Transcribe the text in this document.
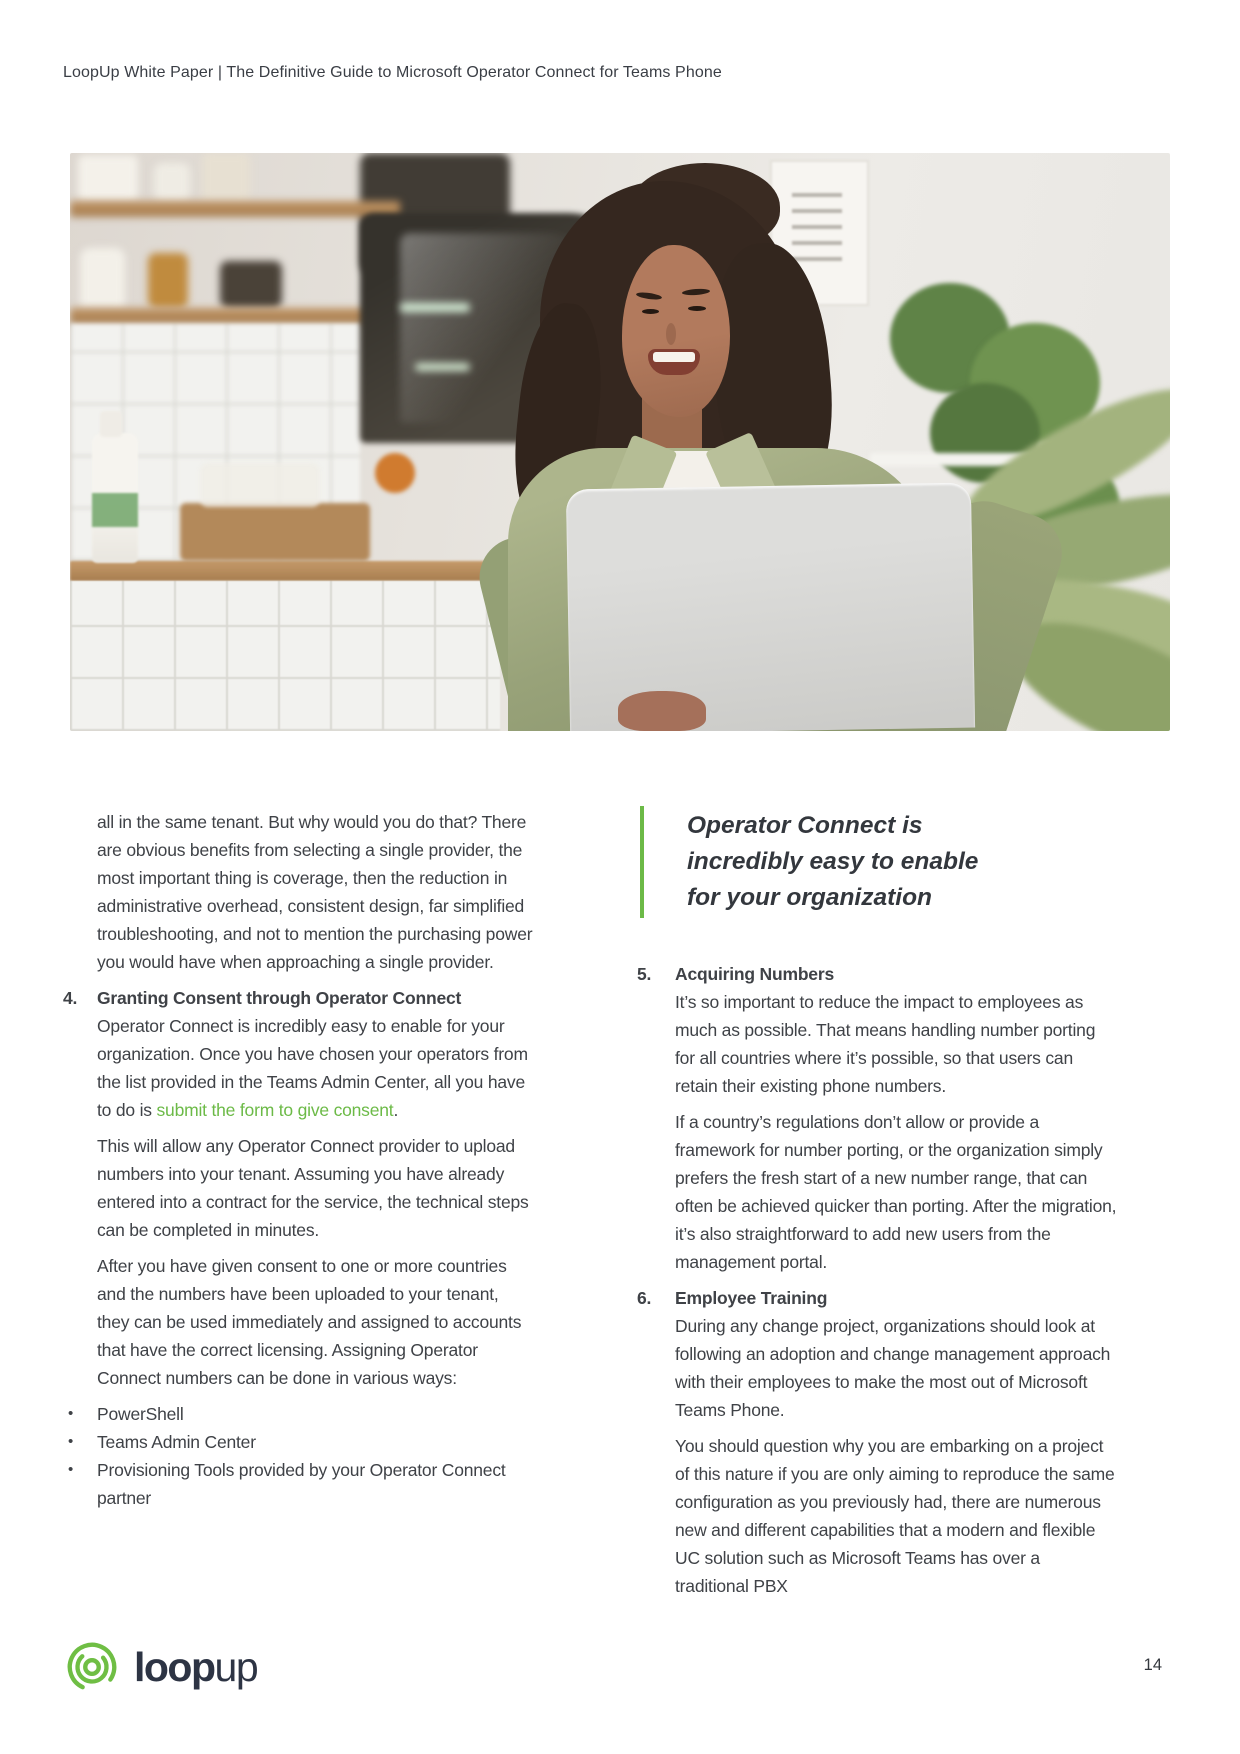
LoopUp White Paper | The Definitive Guide to Microsoft Operator Connect for Teams Phone

all in the same tenant. But why would you do that? There are obvious benefits from selecting a single provider, the most important thing is coverage, then the reduction in administrative overhead, consistent design, far simplified troubleshooting, and not to mention the purchasing power you would have when approaching a single provider.

4.	Granting Consent through Operator Connect

Operator Connect is incredibly easy to enable for your organization. Once you have chosen your operators from the list provided in the Teams Admin Center, all you have to do is submit the form to give consent.

This will allow any Operator Connect provider to upload numbers into your tenant. Assuming you have already entered into a contract for the service, the technical steps can be completed in minutes.

After you have given consent to one or more countries and the numbers have been uploaded to your tenant, they can be used immediately and assigned to accounts that have the correct licensing. Assigning Operator Connect numbers can be done in various ways:

•	PowerShell
•	Teams Admin Center
•	Provisioning Tools provided by your Operator Connect partner
Operator Connect is incredibly easy to enable for your organization
5.	Acquiring Numbers

It’s so important to reduce the impact to employees as much as possible. That means handling number porting for all countries where it’s possible, so that users can retain their existing phone numbers.

If a country’s regulations don’t allow or provide a framework for number porting, or the organization simply prefers the fresh start of a new number range, that can often be achieved quicker than porting. After the migration, it’s also straightforward to add new users from the management portal.

6.	Employee Training

During any change project, organizations should look at following an adoption and change management approach with their employees to make the most out of Microsoft Teams Phone.

You should question why you are embarking on a project of this nature if you are only aiming to reproduce the same configuration as you previously had, there are numerous new and different capabilities that a modern and flexible UC solution such as Microsoft Teams has over a traditional PBX

loopup	14
